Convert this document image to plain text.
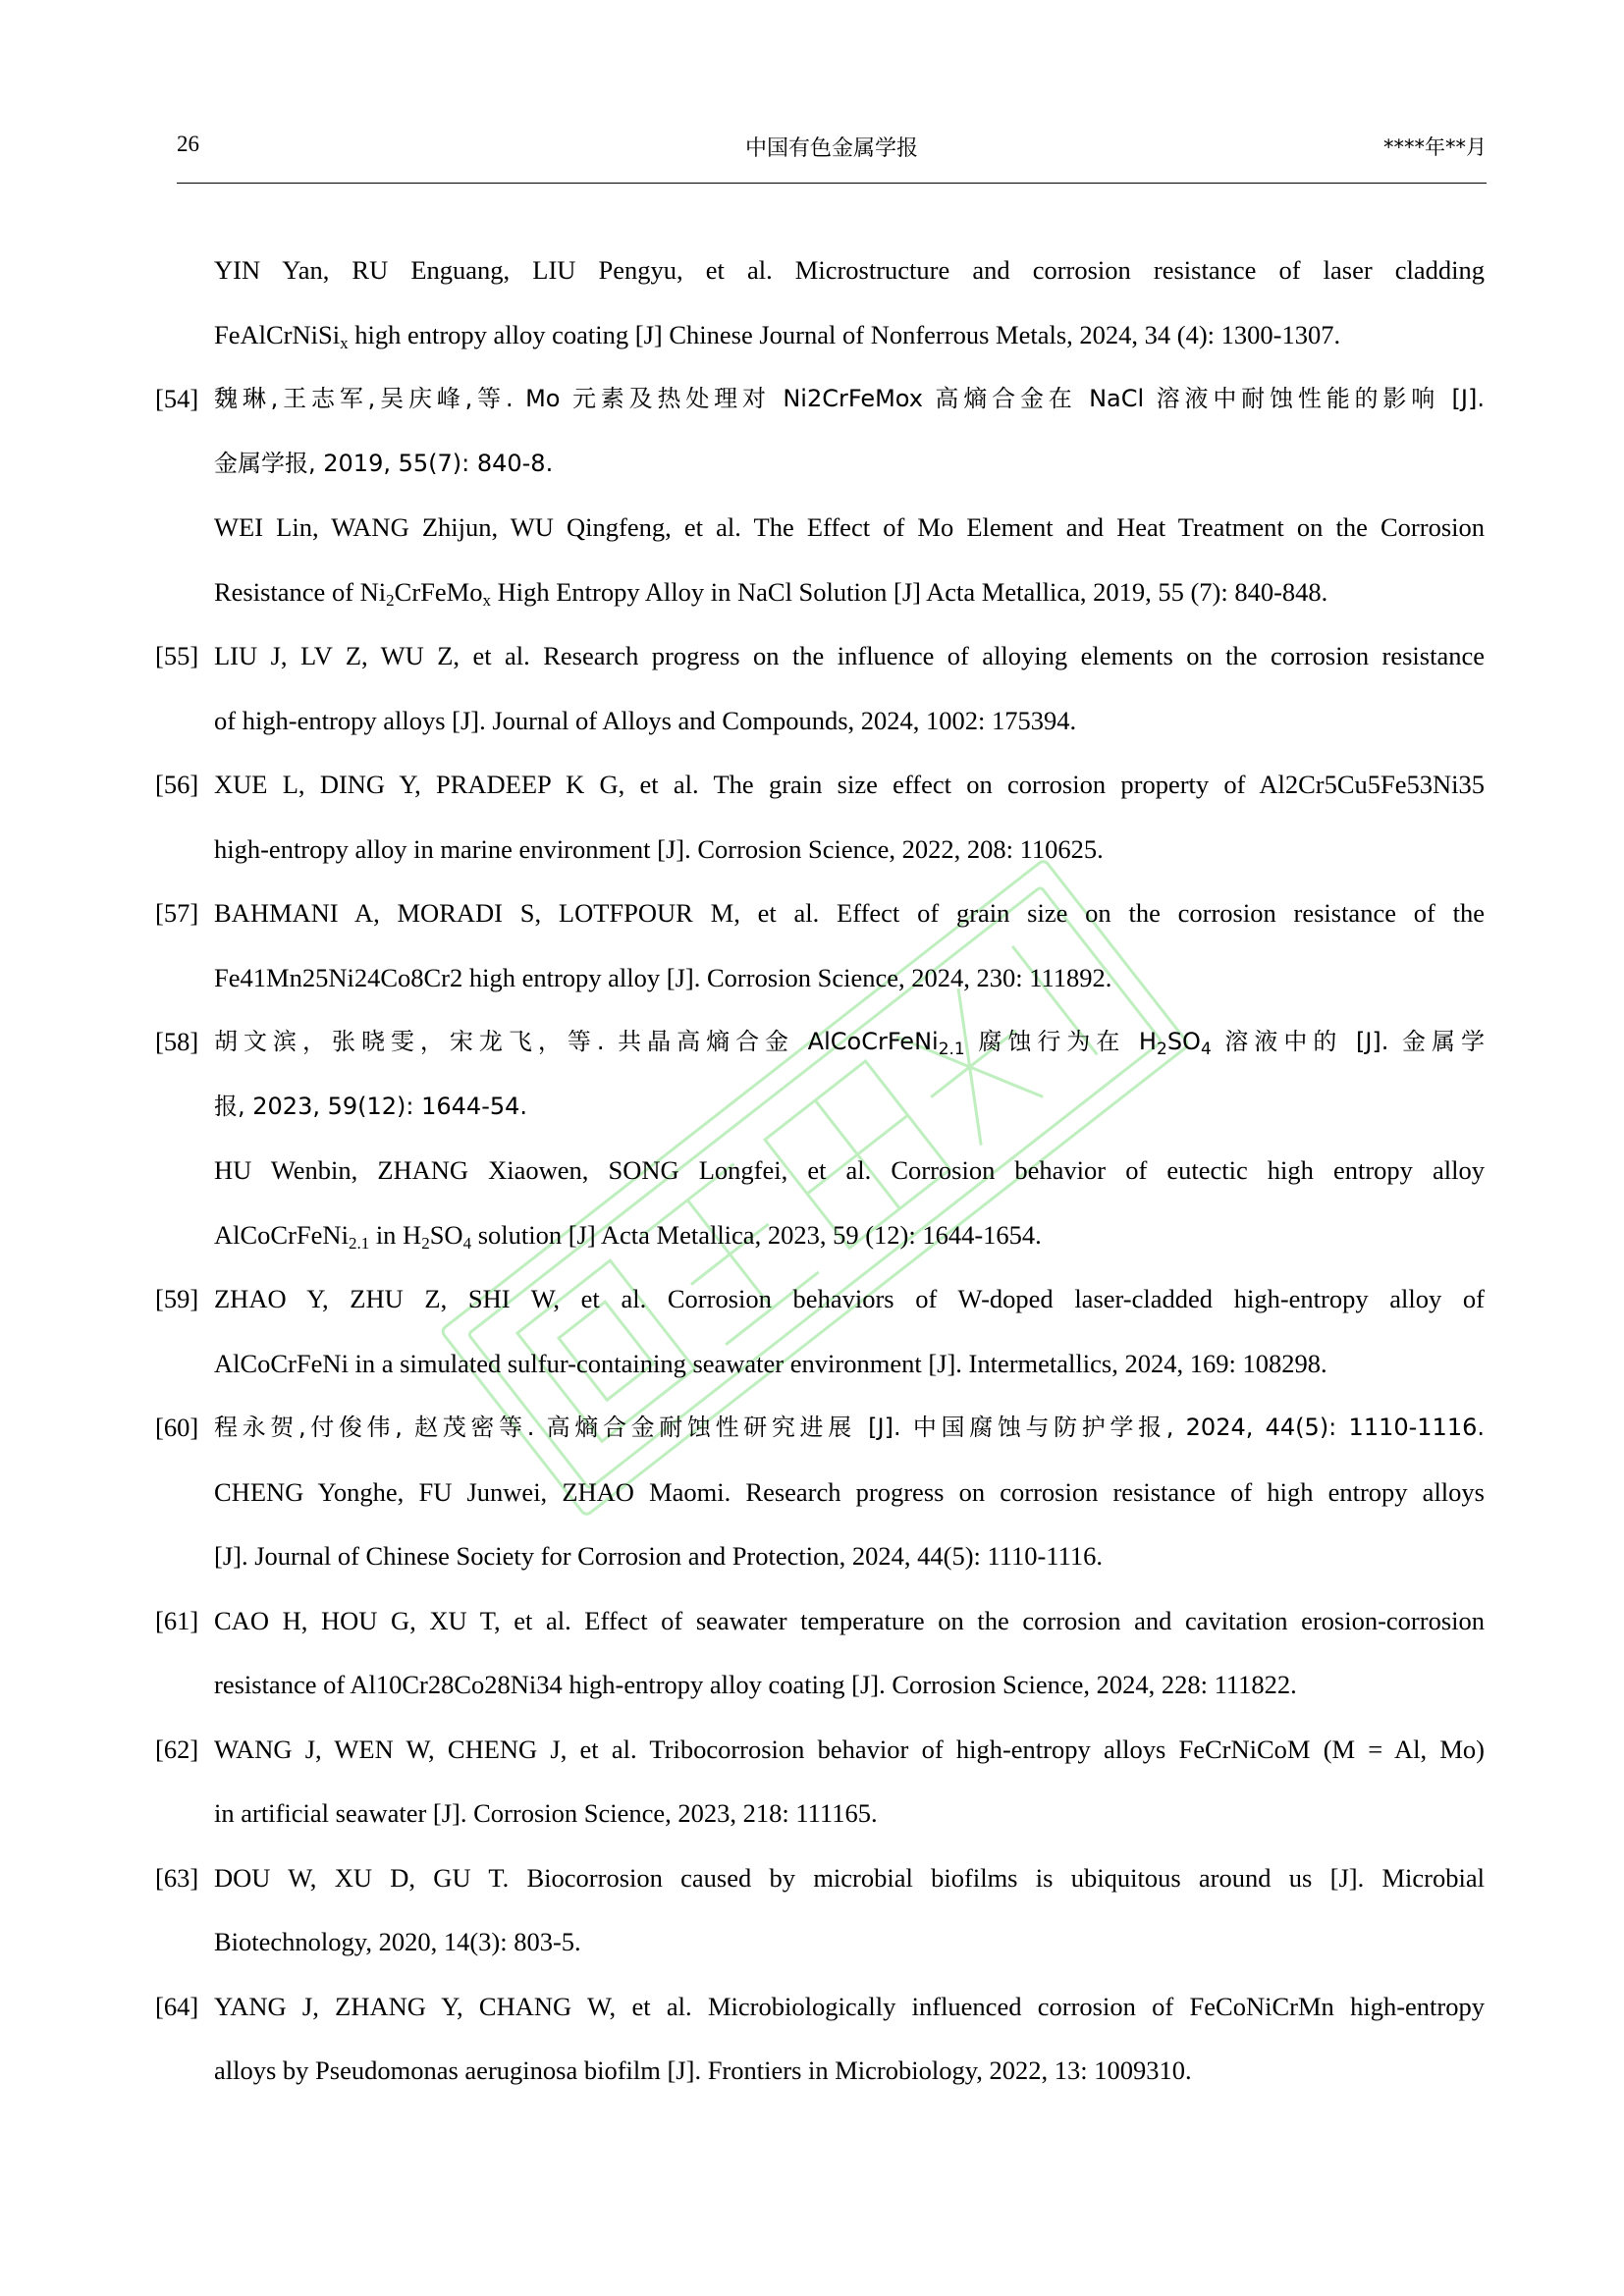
26	中国有色金属学报	****年**月
YIN Yan, RU Enguang, LIU Pengyu, et al. Microstructure and corrosion resistance of laser cladding
FeAlCrNiSi$_x$ high entropy alloy coating [J] Chinese Journal of Nonferrous Metals, 2024, 34 (4): 1300-1307.
[54] 魏琳,王志军,吴庆峰,等. Mo 元素及热处理对 Ni2CrFeMox 高熵合金在 NaCl 溶液中耐蚀性能的影响 [J].
金属学报, 2019, 55(7): 840-8.
WEI Lin, WANG Zhijun, WU Qingfeng, et al. The Effect of Mo Element and Heat Treatment on the Corrosion
Resistance of $Ni_2CrFeMo_x$ High Entropy Alloy in NaCl Solution [J] Acta Metallica, 2019, 55 (7): 840-848.
[55] LIU J, LV Z, WU Z, et al. Research progress on the influence of alloying elements on the corrosion resistance
of high-entropy alloys [J]. Journal of Alloys and Compounds, 2024, 1002: 175394.
[56] XUE L, DING Y, PRADEEP K G, et al. The grain size effect on corrosion property of Al2Cr5Cu5Fe53Ni35
high-entropy alloy in marine environment [J]. Corrosion Science, 2022, 208: 110625.
[57] BAHMANI A, MORADI S, LOTFPOUR M, et al. Effect of grain size on the corrosion resistance of the
Fe41Mn25Ni24Co8Cr2 high entropy alloy [J]. Corrosion Science, 2024, 230: 111892.
[58] 胡文滨，张晓雯，宋龙飞，等. 共晶高熵合金 AlCoCrFeNi$_{2.1}$ 腐蚀行为在 $H_2SO_4$ 溶液中的 [J]. 金属学
报, 2023, 59(12): 1644-54.
HU Wenbin, ZHANG Xiaowen, SONG Longfei, et al. Corrosion behavior of eutectic high entropy alloy
AlCoCrFeNi$_{2.1}$ in $H_2SO_4$ solution [J] Acta Metallica, 2023, 59 (12): 1644-1654.
[59] ZHAO Y, ZHU Z, SHI W, et al. Corrosion behaviors of W-doped laser-cladded high-entropy alloy of
AlCoCrFeNi in a simulated sulfur-containing seawater environment [J]. Intermetallics, 2024, 169: 108298.
[60] 程永贺,付俊伟, 赵茂密等. 高熵合金耐蚀性研究进展 [J]. 中国腐蚀与防护学报, 2024, 44(5): 1110-1116.
CHENG Yonghe, FU Junwei, ZHAO Maomi. Research progress on corrosion resistance of high entropy alloys
[J]. Journal of Chinese Society for Corrosion and Protection, 2024, 44(5): 1110-1116.
[61] CAO H, HOU G, XU T, et al. Effect of seawater temperature on the corrosion and cavitation erosion-corrosion
resistance of Al10Cr28Co28Ni34 high-entropy alloy coating [J]. Corrosion Science, 2024, 228: 111822.
[62] WANG J, WEN W, CHENG J, et al. Tribocorrosion behavior of high-entropy alloys FeCrNiCoM (M = Al, Mo)
in artificial seawater [J]. Corrosion Science, 2023, 218: 111165.
[63] DOU W, XU D, GU T. Biocorrosion caused by microbial biofilms is ubiquitous around us [J]. Microbial
Biotechnology, 2020, 14(3): 803-5.
[64] YANG J, ZHANG Y, CHANG W, et al. Microbiologically influenced corrosion of FeCoNiCrMn high-entropy
alloys by Pseudomonas aeruginosa biofilm [J]. Frontiers in Microbiology, 2022, 13: 1009310.
